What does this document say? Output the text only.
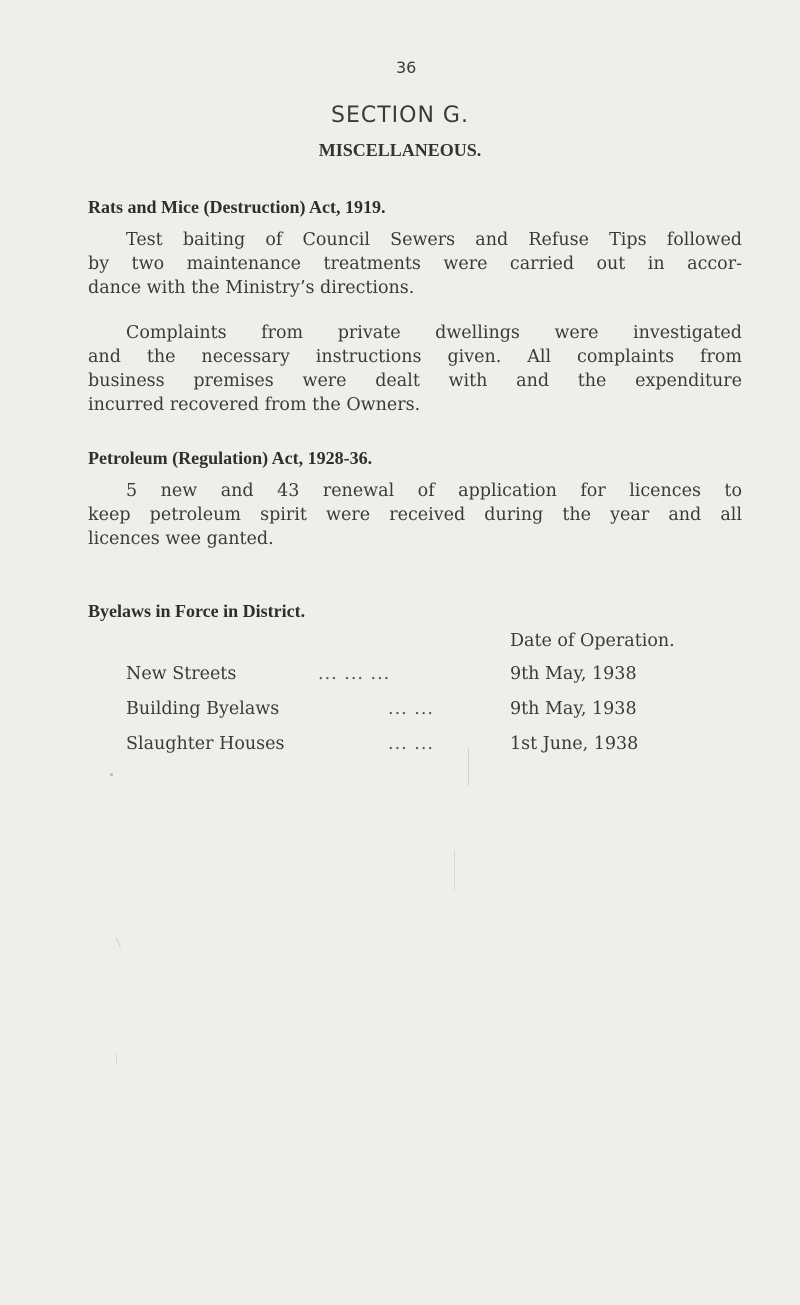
36
SECTION G.
MISCELLANEOUS.
Rats and Mice (Destruction) Act, 1919.
Test baiting of Council Sewers and Refuse Tips followed
by two maintenance treatments were carried out in accor-
dance with the Ministry’s directions.
Complaints from private dwellings were investigated
and the necessary instructions given. All complaints from
business premises were dealt with and the expenditure
incurred recovered from the Owners.
Petroleum (Regulation) Act, 1928-36.
5 new and 43 renewal of application for licences to
keep petroleum spirit were received during the year and all
licences wee ganted.
Byelaws in Force in District.
Date of Operation.
New Streets	... ... ...	9th May, 1938
Building Byelaws	... ...	9th May, 1938
Slaughter Houses	... ...	1st June, 1938
